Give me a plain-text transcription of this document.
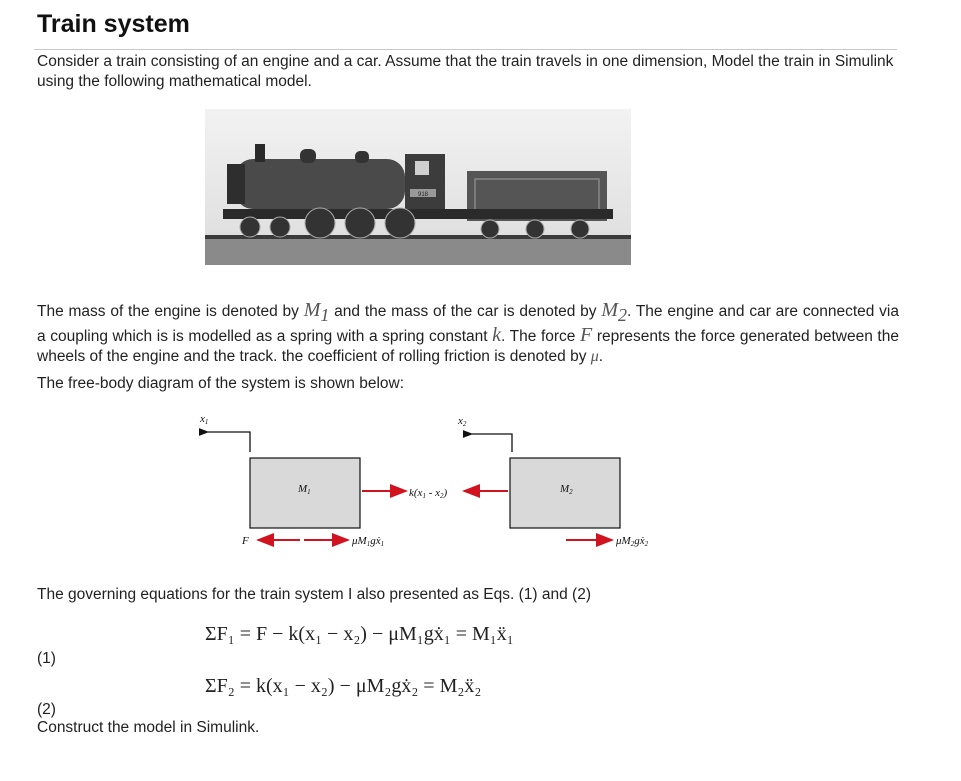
Train system
Consider a train consisting of an engine and a car. Assume that the train travels in one dimension, Model the train in Simulink using the following mathematical model.
918
The mass of the engine is denoted by $M_1$ and the mass of the car is denoted by $M_2$. The engine and car are connected via a coupling which is is modelled as a spring with a spring constant k. The force F represents the force generated between the wheels of the engine and the track. the coefficient of rolling friction is denoted by μ.
The free-body diagram of the system is shown below:
x1	x2
M1	M2
k(x1 - x2)
F	μM1gẋ1	μM2gẋ2
The governing equations for the train system I also presented as Eqs. (1) and (2)
ΣF₁ = F − k(x₁ − x₂) − μM₁gẋ₁ = M₁ẍ₁
(1)
ΣF₂ = k(x₁ − x₂) − μM₂gẋ₂ = M₂ẍ₂
(2)
Construct the model in Simulink.
